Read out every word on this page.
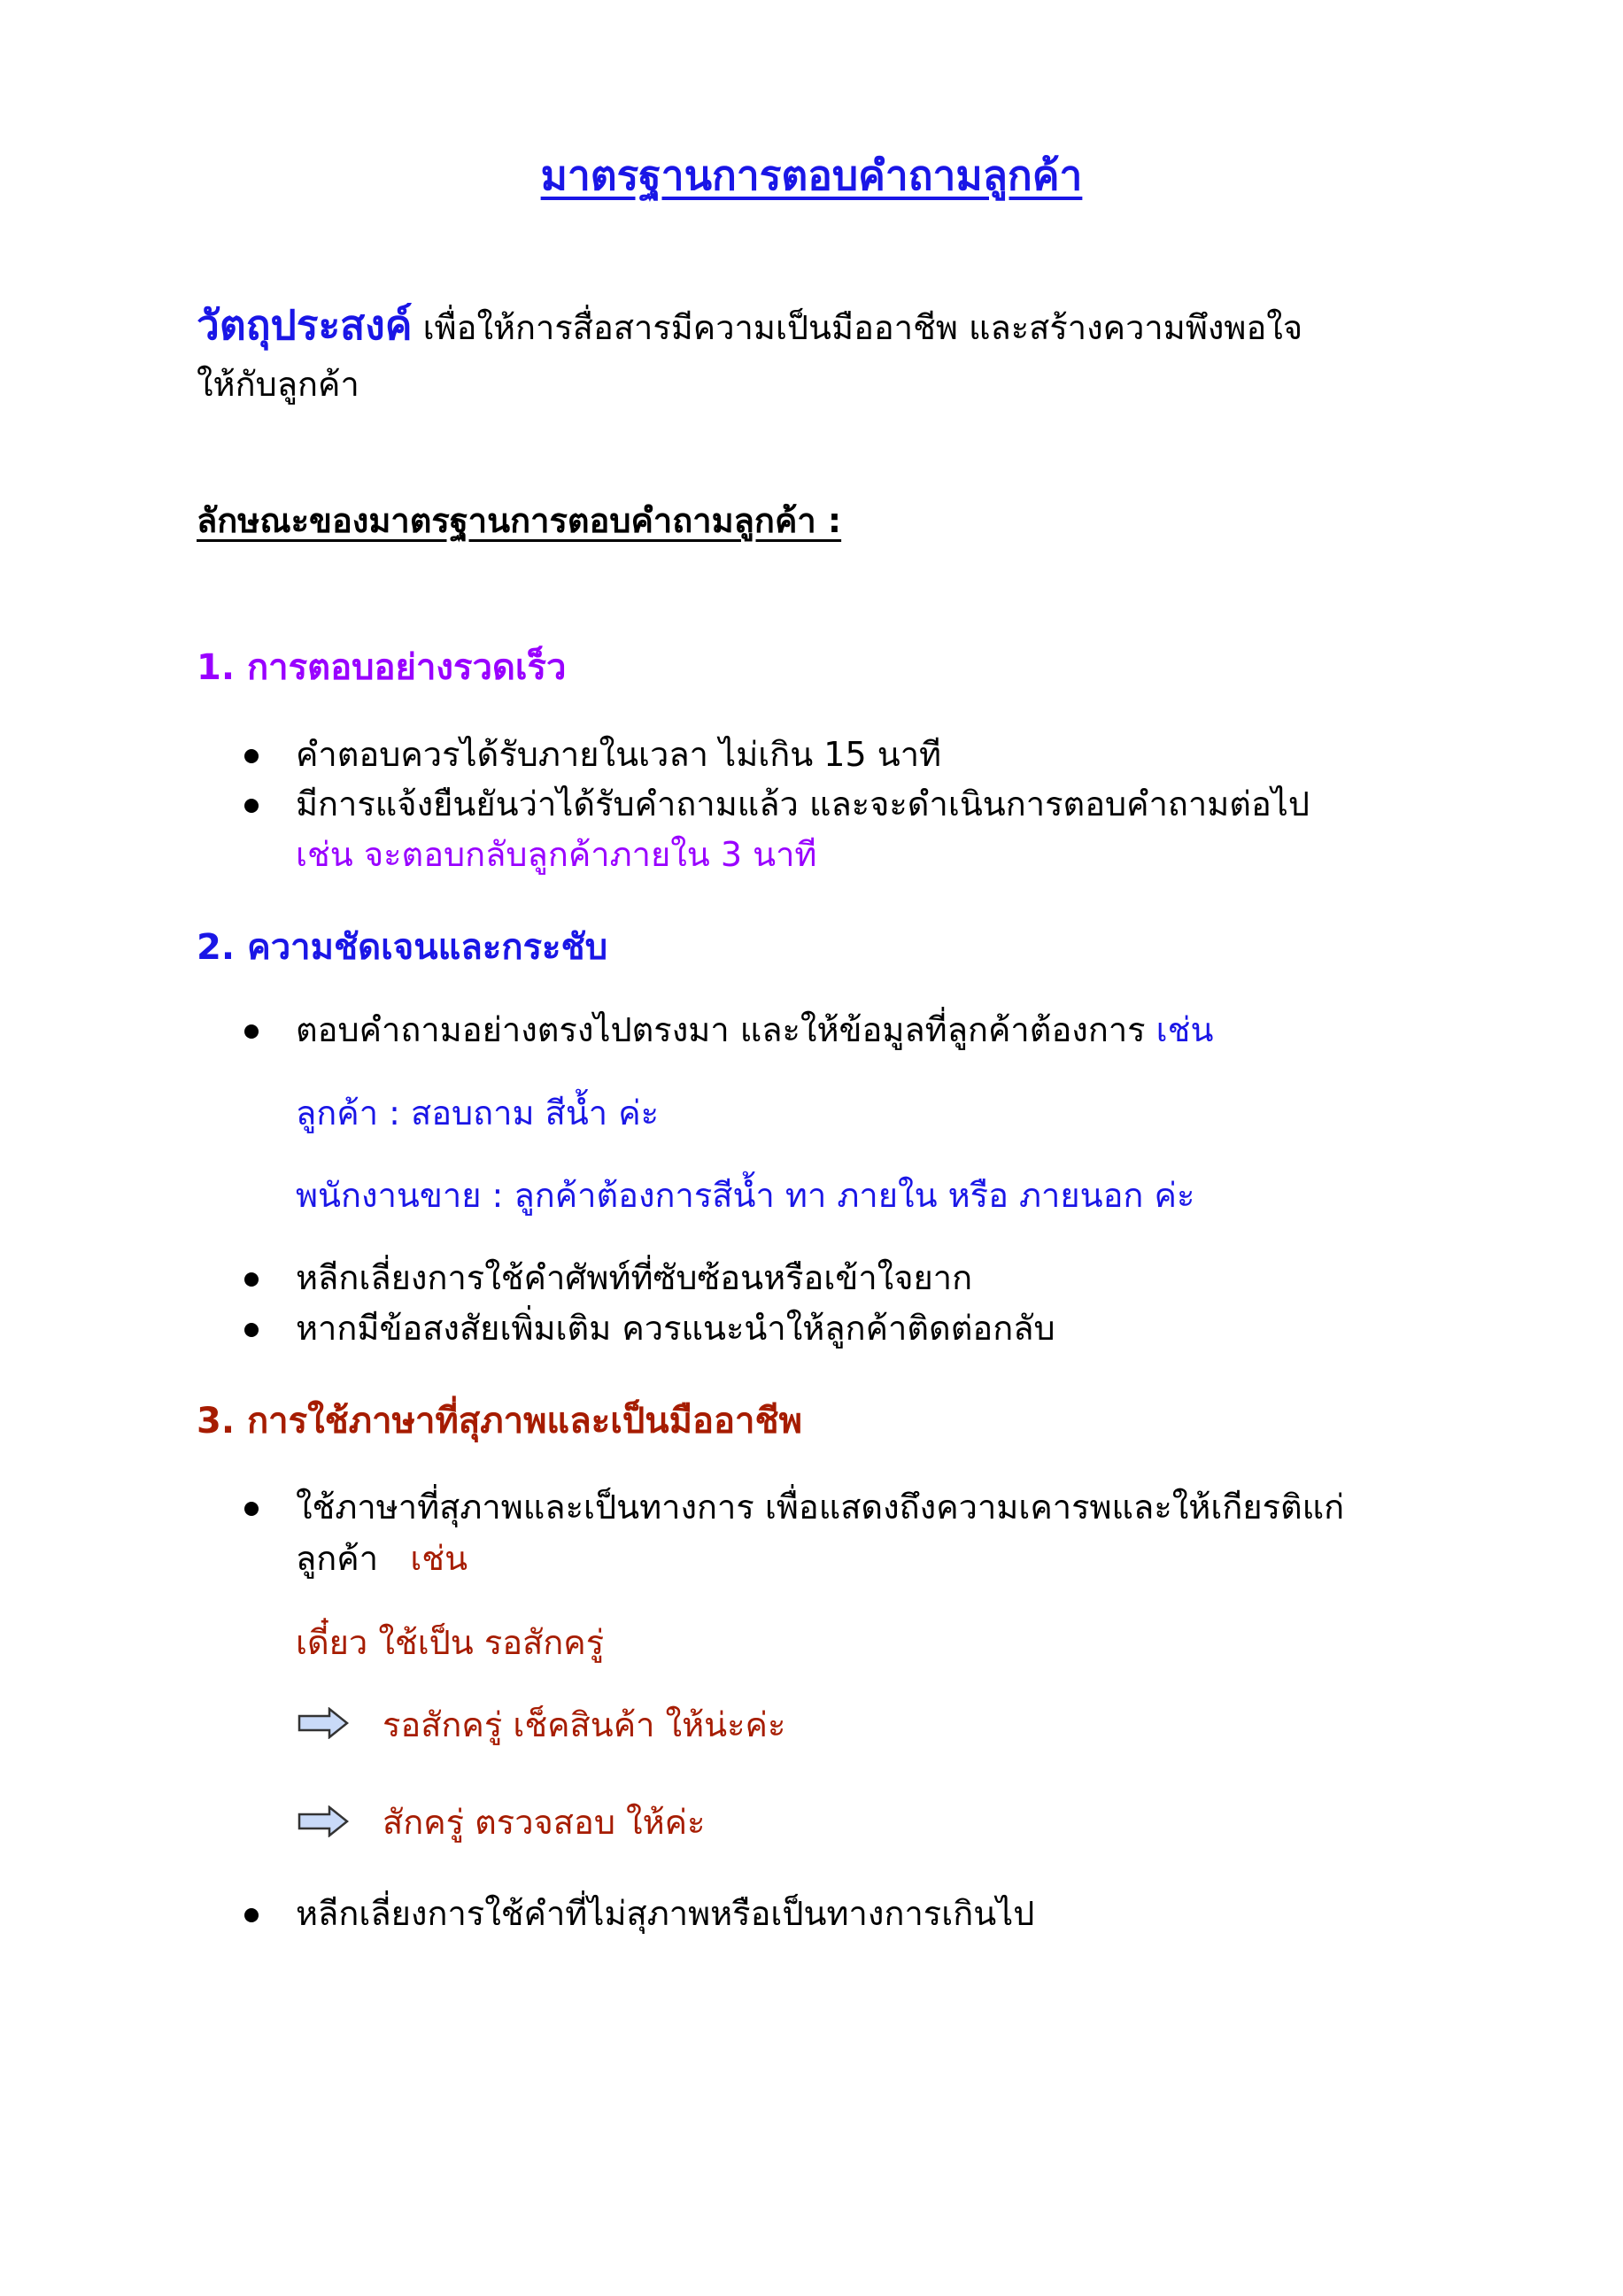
มาตรฐานการตอบคำถามลูกค้า
วัตถุประสงค์ เพื่อให้การสื่อสารมีความเป็นมืออาชีพ และสร้างความพึงพอใจ
ให้กับลูกค้า
ลักษณะของมาตรฐานการตอบคำถามลูกค้า :
1. การตอบอย่างรวดเร็ว
คำตอบควรได้รับภายในเวลา ไม่เกิน 15 นาที
มีการแจ้งยืนยันว่าได้รับคำถามแล้ว และจะดำเนินการตอบคำถามต่อไป
เช่น จะตอบกลับลูกค้าภายใน 3 นาที
2. ความชัดเจนและกระชับ
ตอบคำถามอย่างตรงไปตรงมา และให้ข้อมูลที่ลูกค้าต้องการ เช่น
ลูกค้า : สอบถาม สีน้ำ ค่ะ
พนักงานขาย : ลูกค้าต้องการสีน้ำ ทา ภายใน หรือ ภายนอก ค่ะ
หลีกเลี่ยงการใช้คำศัพท์ที่ซับซ้อนหรือเข้าใจยาก
หากมีข้อสงสัยเพิ่มเติม ควรแนะนำให้ลูกค้าติดต่อกลับ
3. การใช้ภาษาที่สุภาพและเป็นมืออาชีพ
ใช้ภาษาที่สุภาพและเป็นทางการ เพื่อแสดงถึงความเคารพและให้เกียรติแก่
ลูกค้า เช่น
เดี๋ยว ใช้เป็น รอสักครู่
รอสักครู่ เช็คสินค้า ให้น่ะค่ะ
สักครู่ ตรวจสอบ ให้ค่ะ
หลีกเลี่ยงการใช้คำที่ไม่สุภาพหรือเป็นทางการเกินไป
